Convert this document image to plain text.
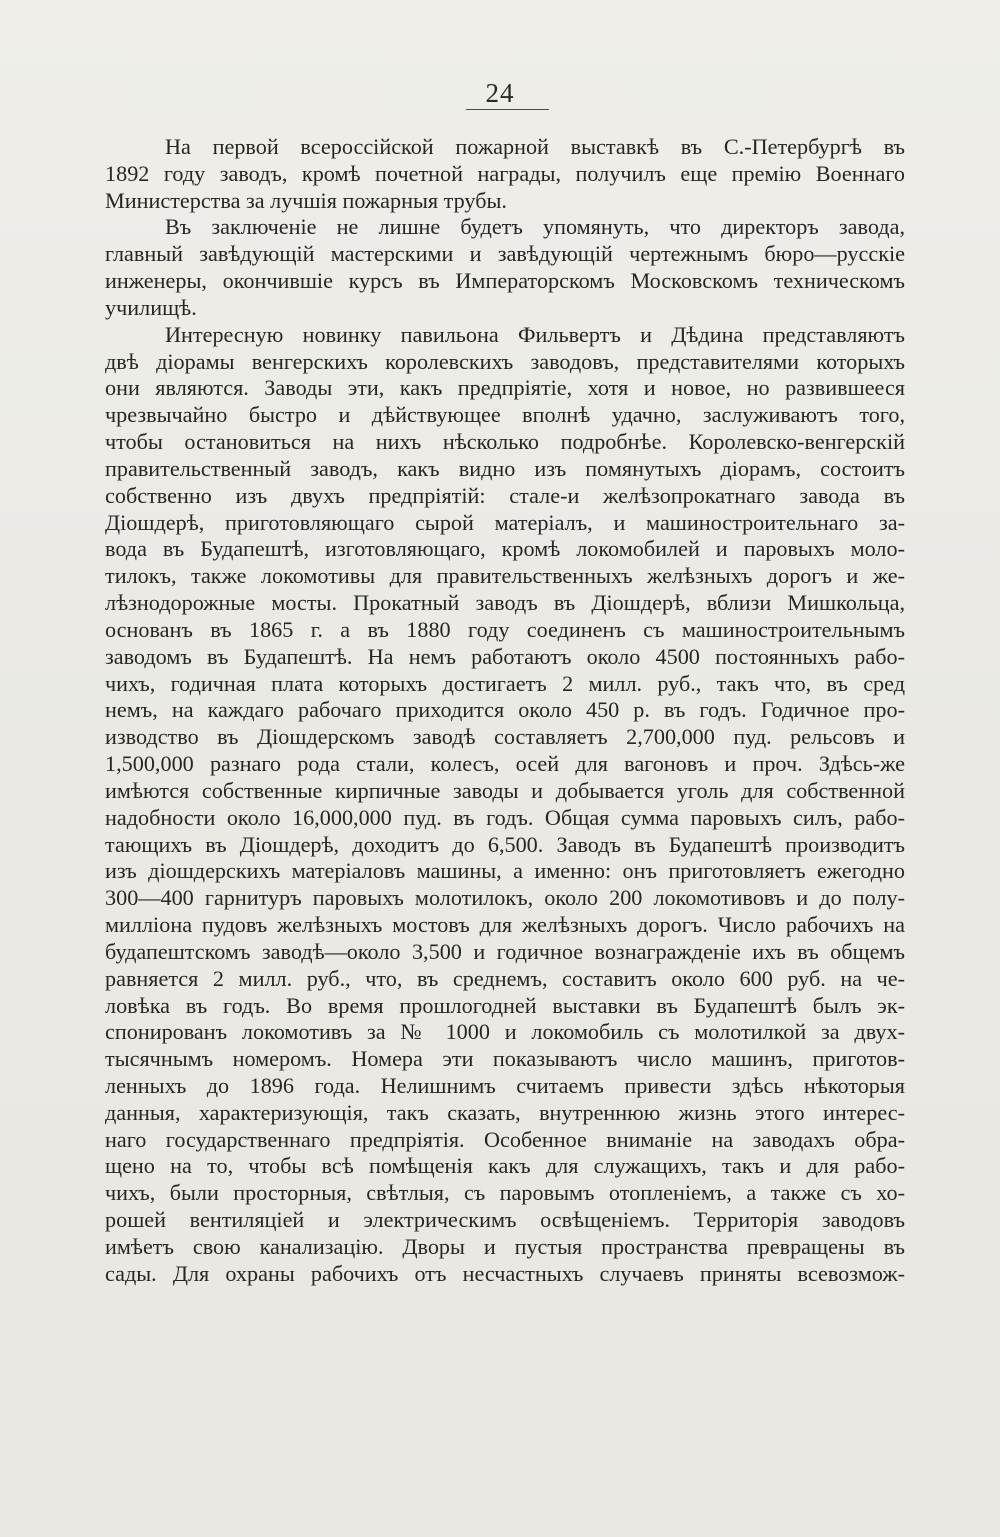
24
На первой всероссійской пожарной выставкѣ въ С.-Петербургѣ въ
1892 году заводъ, кромѣ почетной награды, получилъ еще премію Военнаго
Министерства за лучшія пожарныя трубы.
Въ заключеніе не лишне будетъ упомянуть, что директоръ завода,
главный завѣдующій мастерскими и завѣдующій чертежнымъ бюро—русскіе
инженеры, окончившіе курсъ въ Императорскомъ Московскомъ техническомъ
училищѣ.
Интересную новинку павильона Фильвертъ и Дѣдина представляютъ
двѣ діорамы венгерскихъ королевскихъ заводовъ, представителями которыхъ
они являются. Заводы эти, какъ предпріятіе, хотя и новое, но развившееся
чрезвычайно быстро и дѣйствующее вполнѣ удачно, заслуживаютъ того,
чтобы остановиться на нихъ нѣсколько подробнѣе. Королевско-венгерскій
правительственный заводъ, какъ видно изъ помянутыхъ діорамъ, состоитъ
собственно изъ двухъ предпріятій: стале-и желѣзопрокатнаго завода въ
Діошдерѣ, приготовляющаго сырой матеріалъ, и машиностроительнаго за-
вода въ Будапештѣ, изготовляющаго, кромѣ локомобилей и паровыхъ моло-
тилокъ, также локомотивы для правительственныхъ желѣзныхъ дорогъ и же-
лѣзнодорожные мосты. Прокатный заводъ въ Діошдерѣ, вблизи Мишкольца,
основанъ въ 1865 г. а въ 1880 году соединенъ съ машиностроительнымъ
заводомъ въ Будапештѣ. На немъ работаютъ около 4500 постоянныхъ рабо-
чихъ, годичная плата которыхъ достигаетъ 2 милл. руб., такъ что, въ сред
немъ, на каждаго рабочаго приходится около 450 р. въ годъ. Годичное про-
изводство въ Діошдерскомъ заводѣ составляетъ 2,700,000 пуд. рельсовъ и
1,500,000 разнаго рода стали, колесъ, осей для вагоновъ и проч. Здѣсь-же
имѣются собственные кирпичные заводы и добывается уголь для собственной
надобности около 16,000,000 пуд. въ годъ. Общая сумма паровыхъ силъ, рабо-
тающихъ въ Діошдерѣ, доходитъ до 6,500. Заводъ въ Будапештѣ производитъ
изъ діошдерскихъ матеріаловъ машины, а именно: онъ приготовляетъ ежегодно
300—400 гарнитуръ паровыхъ молотилокъ, около 200 локомотивовъ и до полу-
милліона пудовъ желѣзныхъ мостовъ для желѣзныхъ дорогъ. Число рабочихъ на
будапештскомъ заводѣ—около 3,500 и годичное вознагражденіе ихъ въ общемъ
равняется 2 милл. руб., что, въ среднемъ, составитъ около 600 руб. на че-
ловѣка въ годъ. Во время прошлогодней выставки въ Будапештѣ былъ эк-
спонированъ локомотивъ за № 1000 и локомобиль съ молотилкой за двух-
тысячнымъ номеромъ. Номера эти показываютъ число машинъ, приготов-
ленныхъ до 1896 года. Нелишнимъ считаемъ привести здѣсь нѣкоторыя
данныя, характеризующія, такъ сказать, внутреннюю жизнь этого интерес-
наго государственнаго предпріятія. Особенное вниманіе на заводахъ обра-
щено на то, чтобы всѣ помѣщенія какъ для служащихъ, такъ и для рабо-
чихъ, были просторныя, свѣтлыя, съ паровымъ отопленіемъ, а также съ хо-
рошей вентиляціей и электрическимъ освѣщеніемъ. Территорія заводовъ
имѣетъ свою канализацію. Дворы и пустыя пространства превращены въ
сады. Для охраны рабочихъ отъ несчастныхъ случаевъ приняты всевозмож-
